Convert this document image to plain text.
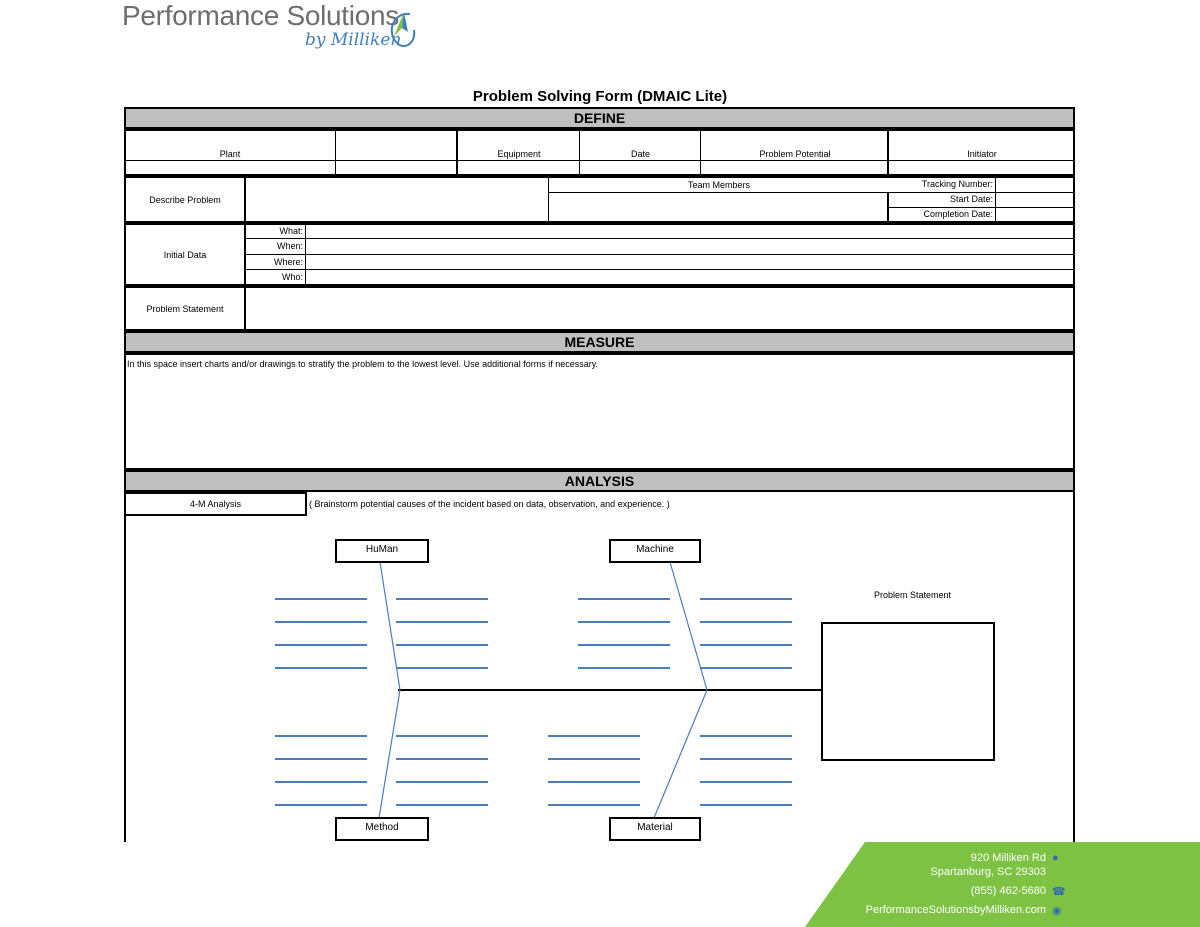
Performance Solutions
by Milliken
Problem Solving Form (DMAIC Lite)
DEFINE
Plant	Equipment	Date	Problem Potential	Initiator
Describe Problem
Team Members	Tracking Number:
Start Date:
Completion Date:
Initial Data
What:
When:
Where:
Who:
Problem Statement
MEASURE
In this space insert charts and/or drawings to stratify the problem to the lowest level. Use additional forms if necessary.
ANALYSIS
4-M Analysis	( Brainstorm potential causes of the incident based on data, observation, and experience. )
HuMan	Machine
Method	Material
Problem Statement
920 Milliken Rd ●
Spartanburg, SC 29303
(855) 462-5680 ☎
PerformanceSolutionsbyMilliken.com ◉
